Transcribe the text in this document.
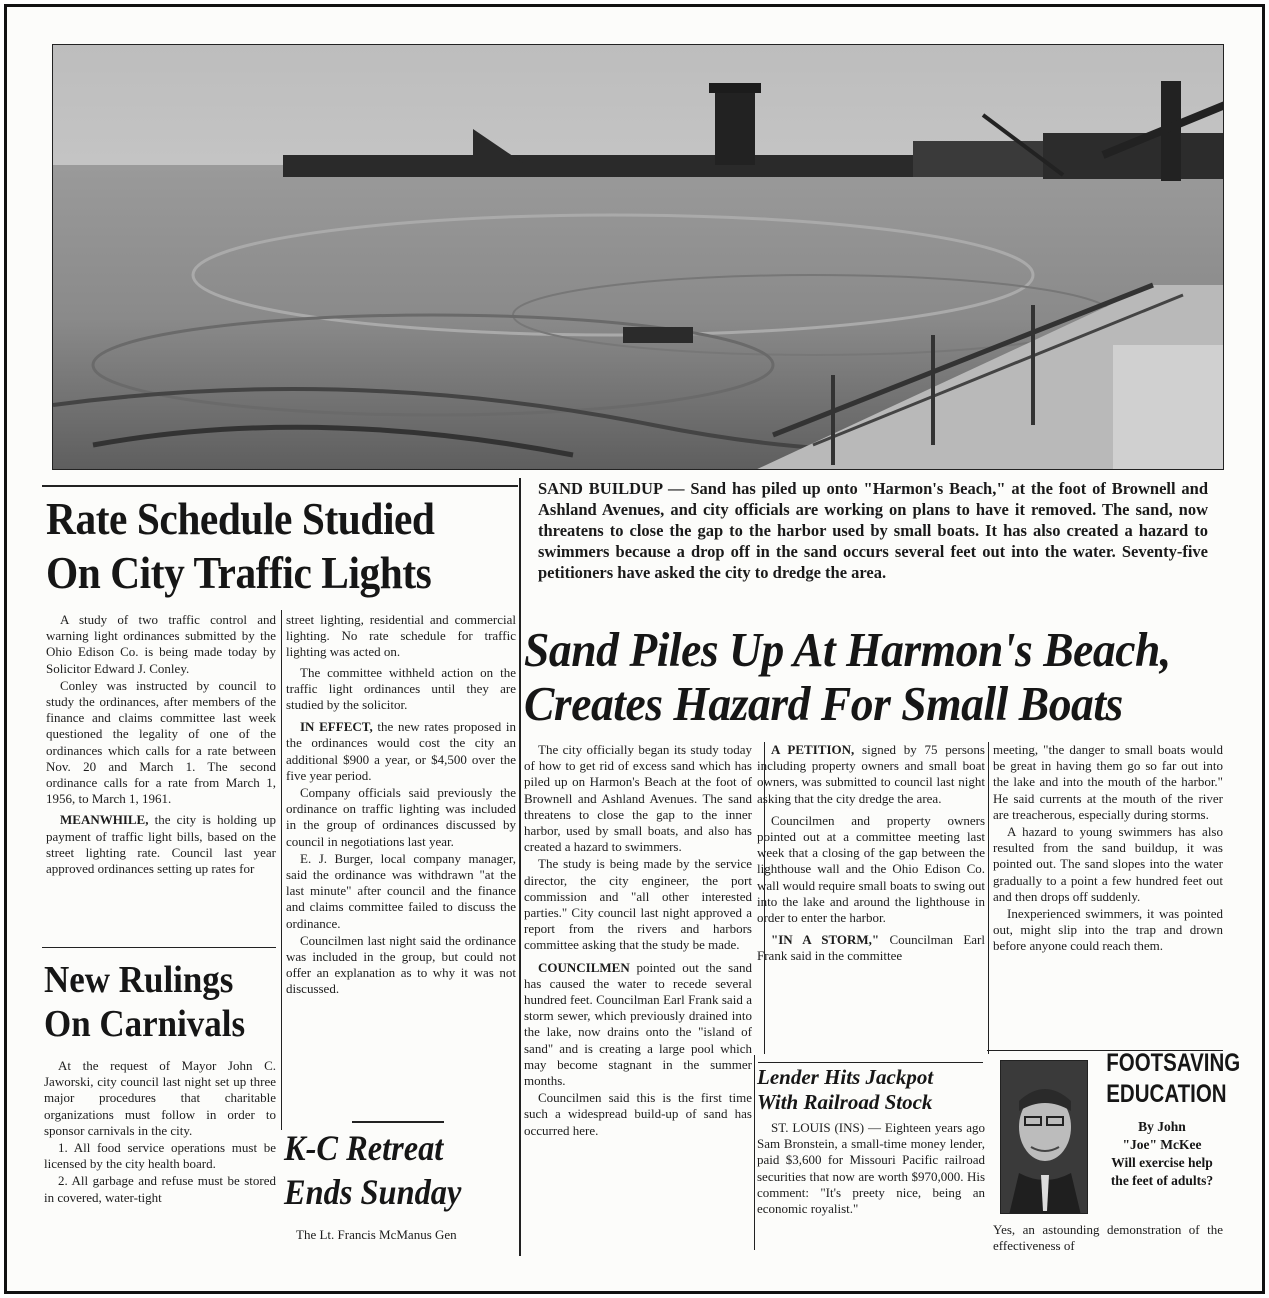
SAND BUILDUP — Sand has piled up onto "Harmon's Beach," at the foot of Brownell and Ashland Avenues, and city officials are working on plans to have it removed. The sand, now threatens to close the gap to the harbor used by small boats. It has also created a hazard to swimmers because a drop off in the sand occurs several feet out into the water. Seventy-five petitioners have asked the city to dredge the area.
Rate Schedule Studied
On City Traffic Lights

A study of two traffic control and warning light ordinances submitted by the Ohio Edison Co. is being made today by Solicitor Edward J. Conley.

Conley was instructed by council to study the ordinances, after members of the finance and claims committee last week questioned the legality of one of the ordinances which calls for a rate between Nov. 20 and March 1. The second ordinance calls for a rate from March 1, 1956, to March 1, 1961.

MEANWHILE, the city is holding up payment of traffic light bills, based on the street lighting rate. Council last year approved ordinances setting up rates for

street lighting, residential and commercial lighting. No rate schedule for traffic lighting was acted on.

The committee withheld action on the traffic light ordinances until they are studied by the solicitor.

IN EFFECT, the new rates proposed in the ordinances would cost the city an additional $900 a year, or $4,500 over the five year period.

Company officials said previously the ordinance on traffic lighting was included in the group of ordinances discussed by council in negotiations last year.

E. J. Burger, local company manager, said the ordinance was withdrawn "at the last minute" after council and the finance and claims committee failed to discuss the ordinance.

Councilmen last night said the ordinance was included in the group, but could not offer an explanation as to why it was not discussed.

New Rulings
On Carnivals

At the request of Mayor John C. Jaworski, city council last night set up three major procedures that charitable organizations must follow in order to sponsor carnivals in the city.

1. All food service operations must be licensed by the city health board.

2. All garbage and refuse must be stored in covered, water-tight

K-C Retreat
Ends Sunday

The Lt. Francis McManus Gen

Sand Piles Up At Harmon's Beach,
Creates Hazard For Small Boats

The city officially began its study today of how to get rid of excess sand which has piled up on Harmon's Beach at the foot of Brownell and Ashland Avenues. The sand threatens to close the gap to the inner harbor, used by small boats, and also has created a hazard to swimmers.

The study is being made by the service director, the city engineer, the port commission and "all other interested parties." City council last night approved a report from the rivers and harbors committee asking that the study be made.

COUNCILMEN pointed out the sand has caused the water to recede several hundred feet. Councilman Earl Frank said a storm sewer, which previously drained into the lake, now drains onto the "island of sand" and is creating a large pool which may become stagnant in the summer months.

Councilmen said this is the first time such a widespread build-up of sand has occurred here.

A PETITION, signed by 75 persons including property owners and small boat owners, was submitted to council last night asking that the city dredge the area.

Councilmen and property owners pointed out at a committee meeting last week that a closing of the gap between the lighthouse wall and the Ohio Edison Co. wall would require small boats to swing out into the lake and around the lighthouse in order to enter the harbor.

"IN A STORM," Councilman Earl Frank said in the committee

meeting, "the danger to small boats would be great in having them go so far out into the lake and into the mouth of the harbor." He said currents at the mouth of the river are treacherous, especially during storms.

A hazard to young swimmers has also resulted from the sand buildup, it was pointed out. The sand slopes into the water gradually to a point a few hundred feet out and then drops off suddenly.

Inexperienced swimmers, it was pointed out, might slip into the trap and drown before anyone could reach them.

Lender Hits Jackpot
With Railroad Stock

ST. LOUIS (INS) — Eighteen years ago Sam Bronstein, a small-time money lender, paid $3,600 for Missouri Pacific railroad securities that now are worth $970,000. His comment: "It's preety nice, being an economic royalist."

FOOTSAVING
EDUCATION
By John
"Joe" McKee
Will exercise help the feet of adults?

Yes, an astounding demonstration of the effectiveness of
